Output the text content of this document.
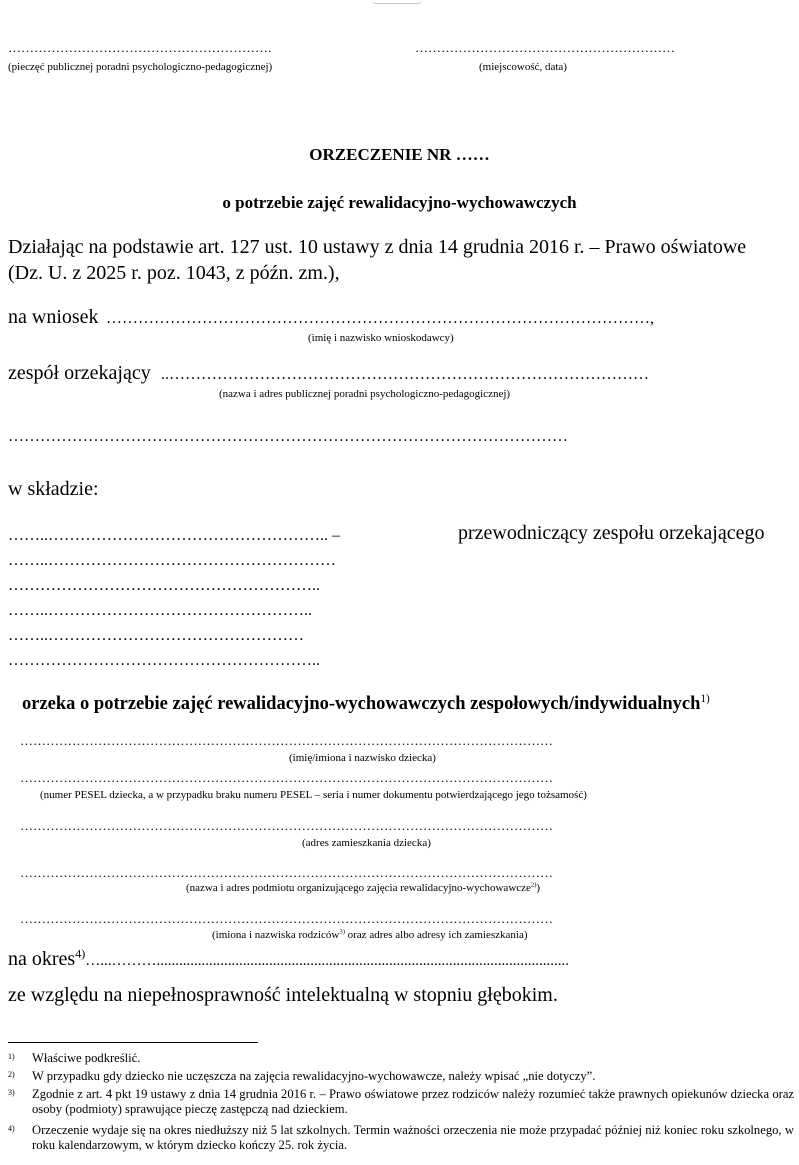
…………………………………………………….
(pieczęć publicznej poradni psychologiczno-pedagogicznej)
……………………………………………………
(miejscowość, data)
ORZECZENIE NR ……
o potrzebie zajęć rewalidacyjno-wychowawczych
Działając na podstawie art. 127 ust. 10 ustawy z dnia 14 grudnia 2016 r. – Prawo oświatowe
(Dz. U. z 2025 r. poz. 1043, z późn. zm.),
na wniosek …………………………………………………………………………………………,
(imię i nazwisko wnioskodawcy)
zespół orzekający ..………………………………………………………………………………
(nazwa i adres publicznej poradni psychologiczno-pedagogicznej)
……………………………………………………………………………………………
w składzie:
……..…………………………………………….. –	przewodniczący zespołu orzekającego
……..………………………………………………
…………………………………………………..
……..…………………………………………..
……..…………………………………………
…………………………………………………..
orzeka o potrzebie zajęć rewalidacyjno-wychowawczych zespołowych/indywidualnych$^{1)}$
……………………………………………………………………………………………………………
(imię/imiona i nazwisko dziecka)
……………………………………………………………………………………………………………
(numer PESEL dziecka, a w przypadku braku numeru PESEL – seria i numer dokumentu potwierdzającego jego tożsamość)
……………………………………………………………………………………………………………
(adres zamieszkania dziecka)
……………………………………………………………………………………………………………
(nazwa i adres podmiotu organizującego zajęcia rewalidacyjno-wychowawcze$^{2)}$)
……………………………………………………………………………………………………………
(imiona i nazwiska rodziców$^{3)}$ oraz adres albo adresy ich zamieszkania)
na okres$^{4)}$…...………..............................................................................................................
ze względu na niepełnosprawność intelektualną w stopniu głębokim.
1) Właściwe podkreślić.
2) W przypadku gdy dziecko nie uczęszcza na zajęcia rewalidacyjno-wychowawcze, należy wpisać „nie dotyczy”.
3) Zgodnie z art. 4 pkt 19 ustawy z dnia 14 grudnia 2016 r. – Prawo oświatowe przez rodziców należy rozumieć także prawnych opiekunów dziecka oraz osoby (podmioty) sprawujące pieczę zastępczą nad dzieckiem.
4) Orzeczenie wydaje się na okres niedłuższy niż 5 lat szkolnych. Termin ważności orzeczenia nie może przypadać później niż koniec roku szkolnego, w roku kalendarzowym, w którym dziecko kończy 25. rok życia.
